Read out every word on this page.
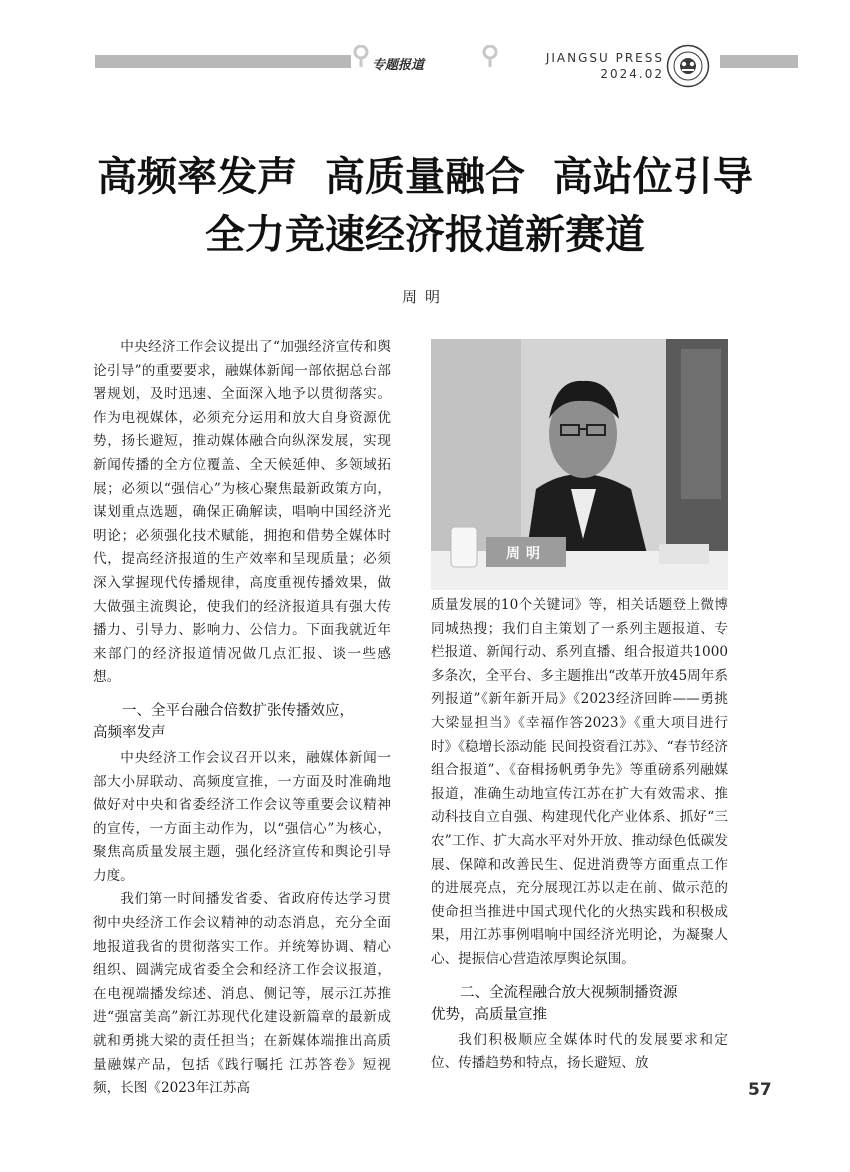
专题报道	JIANGSU PRESS
2024.02
高频率发声  高质量融合  高站位引导
全力竞速经济报道新赛道
周明

中央经济工作会议提出了“加强经济宣传和舆论引导”的重要要求，融媒体新闻一部依据总台部署规划，及时迅速、全面深入地予以贯彻落实。作为电视媒体，必须充分运用和放大自身资源优势，扬长避短，推动媒体融合向纵深发展，实现新闻传播的全方位覆盖、全天候延伸、多领域拓展；必须以“强信心”为核心聚焦最新政策方向，谋划重点选题，确保正确解读，唱响中国经济光明论；必须强化技术赋能，拥抱和借势全媒体时代，提高经济报道的生产效率和呈现质量；必须深入掌握现代传播规律，高度重视传播效果，做大做强主流舆论，使我们的经济报道具有强大传播力、引导力、影响力、公信力。下面我就近年来部门的经济报道情况做几点汇报、谈一些感想。

一、全平台融合倍数扩张传播效应，
高频率发声

中央经济工作会议召开以来，融媒体新闻一部大小屏联动、高频度宣推，一方面及时准确地做好对中央和省委经济工作会议等重要会议精神的宣传，一方面主动作为，以“强信心”为核心，聚焦高质量发展主题，强化经济宣传和舆论引导力度。

我们第一时间播发省委、省政府传达学习贯彻中央经济工作会议精神的动态消息，充分全面地报道我省的贯彻落实工作。并统筹协调、精心组织、圆满完成省委全会和经济工作会议报道，在电视端播发综述、消息、侧记等，展示江苏推进“强富美高”新江苏现代化建设新篇章的最新成就和勇挑大梁的责任担当；在新媒体端推出高质量融媒产品，包括《践行嘱托 江苏答卷》短视频，长图《2023年江苏高

周明

质量发展的10个关键词》等，相关话题登上微博同城热搜；我们自主策划了一系列主题报道、专栏报道、新闻行动、系列直播、组合报道共1000多条次，全平台、多主题推出“改革开放45周年系列报道”《新年新开局》《2023经济回眸——勇挑大梁显担当》《幸福作答2023》《重大项目进行时》《稳增长添动能 民间投资看江苏》、“春节经济组合报道”、《奋楫扬帆勇争先》等重磅系列融媒报道，准确生动地宣传江苏在扩大有效需求、推动科技自立自强、构建现代化产业体系、抓好“三农”工作、扩大高水平对外开放、推动绿色低碳发展、保障和改善民生、促进消费等方面重点工作的进展亮点，充分展现江苏以走在前、做示范的使命担当推进中国式现代化的火热实践和积极成果，用江苏事例唱响中国经济光明论，为凝聚人心、提振信心营造浓厚舆论氛围。

二、全流程融合放大视频制播资源
优势，高质量宣推

我们积极顺应全媒体时代的发展要求和定位、传播趋势和特点，扬长避短、放

57
